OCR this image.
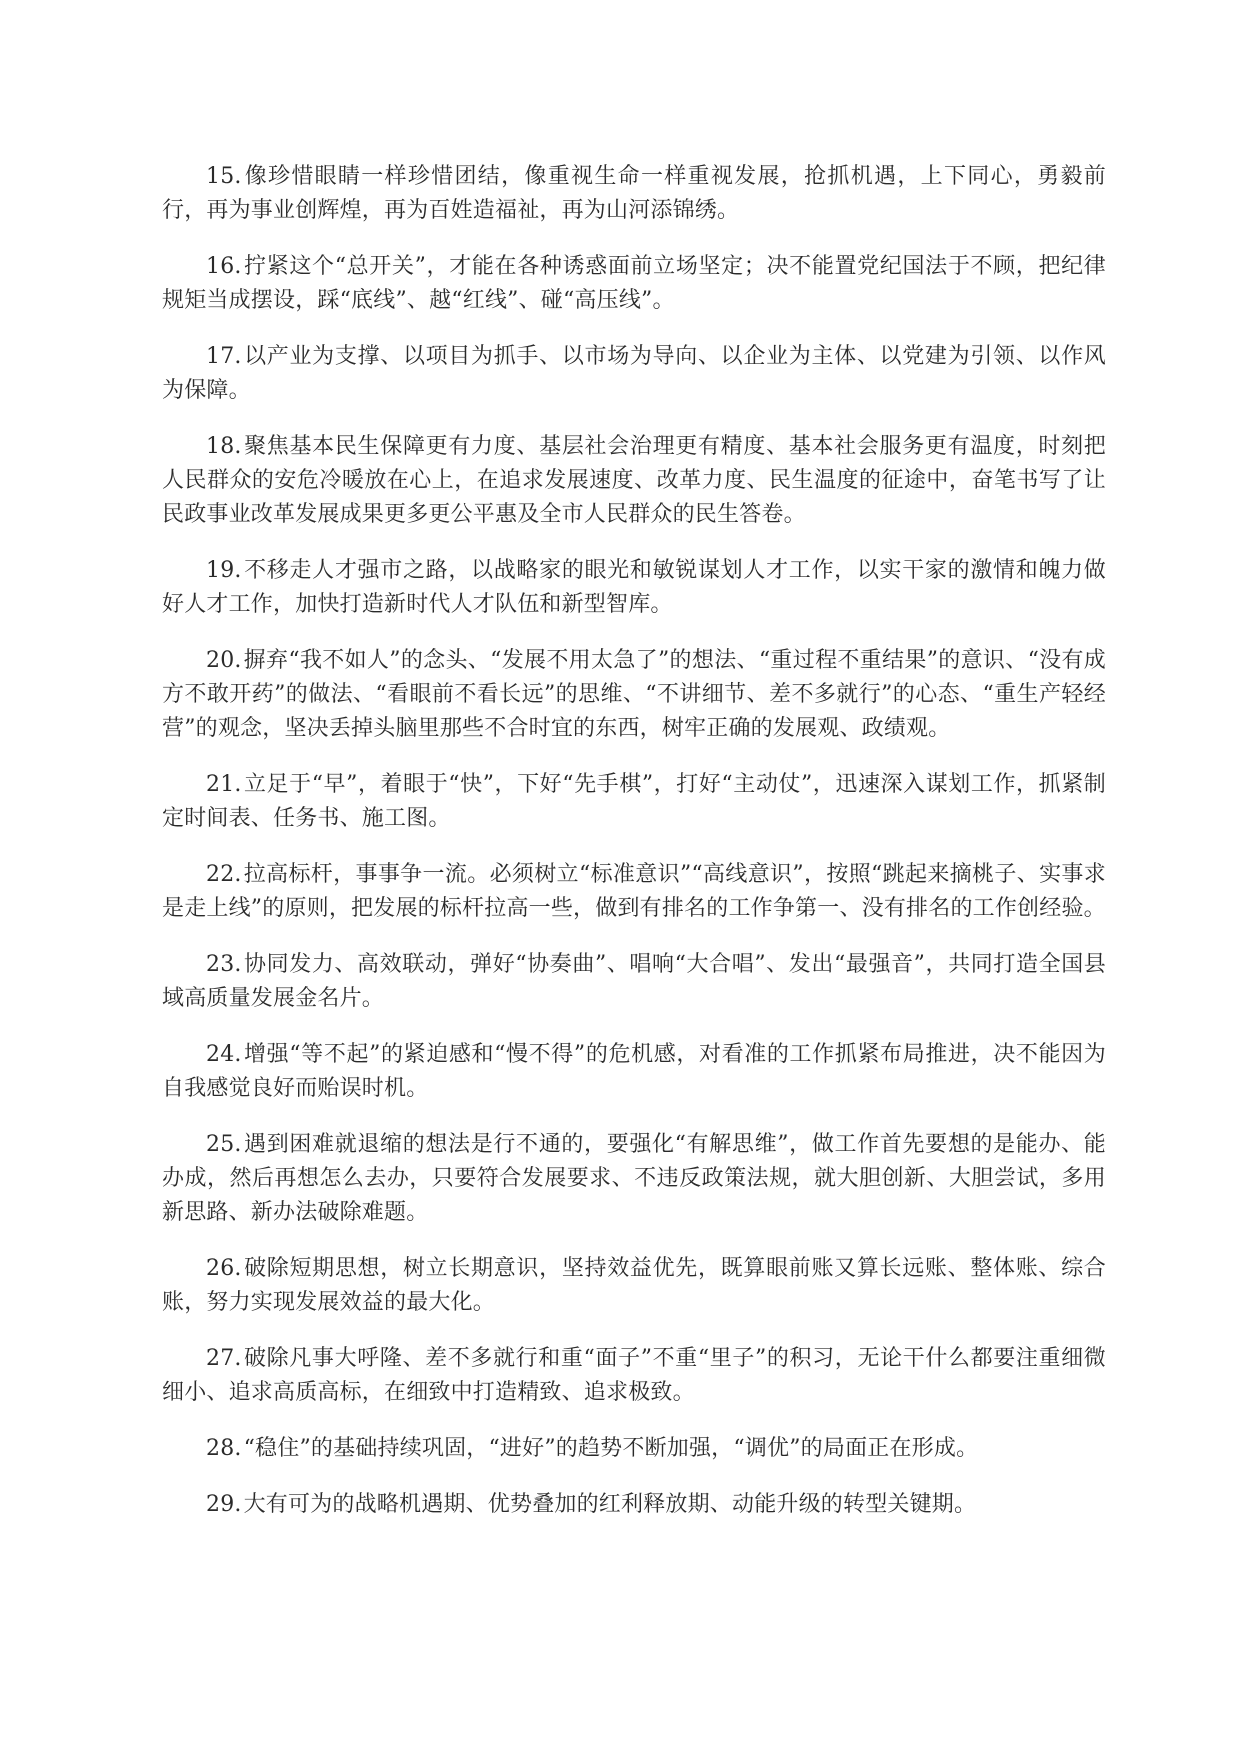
15.像珍惜眼睛一样珍惜团结，像重视生命一样重视发展，抢抓机遇，上下同心，勇毅前行，再为事业创辉煌，再为百姓造福祉，再为山河添锦绣。

16.拧紧这个“总开关”，才能在各种诱惑面前立场坚定；决不能置党纪国法于不顾，把纪律规矩当成摆设，踩“底线”、越“红线”、碰“高压线”。

17.以产业为支撑、以项目为抓手、以市场为导向、以企业为主体、以党建为引领、以作风为保障。

18.聚焦基本民生保障更有力度、基层社会治理更有精度、基本社会服务更有温度，时刻把人民群众的安危冷暖放在心上，在追求发展速度、改革力度、民生温度的征途中，奋笔书写了让民政事业改革发展成果更多更公平惠及全市人民群众的民生答卷。

19.不移走人才强市之路，以战略家的眼光和敏锐谋划人才工作，以实干家的激情和魄力做好人才工作，加快打造新时代人才队伍和新型智库。

20.摒弃“我不如人”的念头、“发展不用太急了”的想法、“重过程不重结果”的意识、“没有成方不敢开药”的做法、“看眼前不看长远”的思维、“不讲细节、差不多就行”的心态、“重生产轻经营”的观念，坚决丢掉头脑里那些不合时宜的东西，树牢正确的发展观、政绩观。

21.立足于“早”，着眼于“快”，下好“先手棋”，打好“主动仗”，迅速深入谋划工作，抓紧制定时间表、任务书、施工图。

22.拉高标杆，事事争一流。必须树立“标准意识”“高线意识”，按照“跳起来摘桃子、实事求是走上线”的原则，把发展的标杆拉高一些，做到有排名的工作争第一、没有排名的工作创经验。

23.协同发力、高效联动，弹好“协奏曲”、唱响“大合唱”、发出“最强音”，共同打造全国县域高质量发展金名片。

24.增强“等不起”的紧迫感和“慢不得”的危机感，对看准的工作抓紧布局推进，决不能因为自我感觉良好而贻误时机。

25.遇到困难就退缩的想法是行不通的，要强化“有解思维”，做工作首先要想的是能办、能办成，然后再想怎么去办，只要符合发展要求、不违反政策法规，就大胆创新、大胆尝试，多用新思路、新办法破除难题。

26.破除短期思想，树立长期意识，坚持效益优先，既算眼前账又算长远账、整体账、综合账，努力实现发展效益的最大化。

27.破除凡事大呼隆、差不多就行和重“面子”不重“里子”的积习，无论干什么都要注重细微细小、追求高质高标，在细致中打造精致、追求极致。

28.“稳住”的基础持续巩固，“进好”的趋势不断加强，“调优”的局面正在形成。

29.大有可为的战略机遇期、优势叠加的红利释放期、动能升级的转型关键期。
